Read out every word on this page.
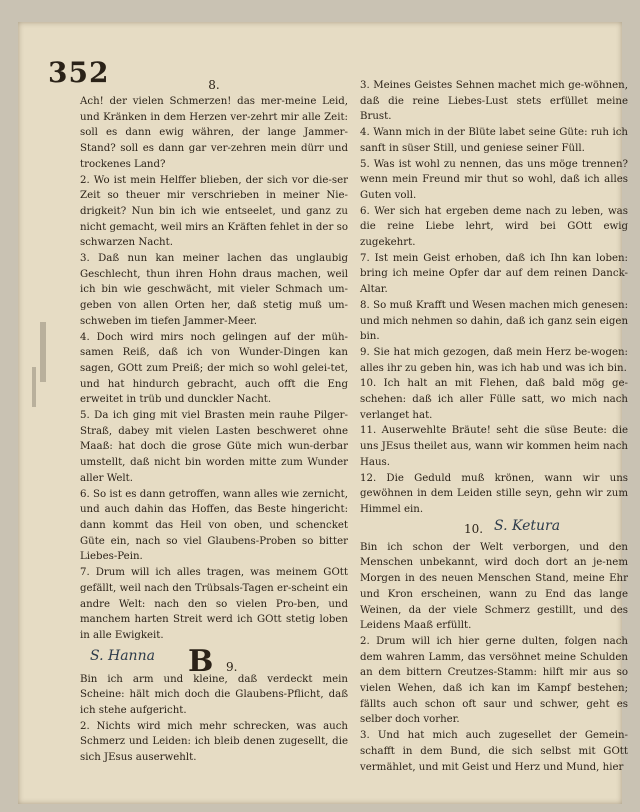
352	8.

Ach! der vielen Schmerzen! das mer-meine Leid, und Kränken in dem Herzen ver-zehrt mir alle Zeit: soll es dann ewig währen, der lange Jammer-Stand? soll es dann gar ver-zehren mein dürr und trockenes Land?

2. Wo ist mein Helffer blieben, der sich vor die-ser Zeit so theuer mir verschrieben in meiner Nie-drigkeit? Nun bin ich wie entseelet, und ganz zu nicht gemacht, weil mirs an Kräften fehlet in der so schwarzen Nacht.

3. Daß nun kan meiner lachen das unglaubig Geschlecht, thun ihren Hohn draus machen, weil ich bin wie geschwächt, mit vieler Schmach um-geben von allen Orten her, daß stetig muß um-schweben im tiefen Jammer-Meer.

4. Doch wird mirs noch gelingen auf der müh-samen Reiß, daß ich von Wunder-Dingen kan sagen, GOtt zum Preiß; der mich so wohl gelei-tet, und hat hindurch gebracht, auch offt die Eng erweitet in trüb und dunckler Nacht.

5. Da ich ging mit viel Brasten mein rauhe Pilger-Straß, dabey mit vielen Lasten beschweret ohne Maaß: hat doch die grose Güte mich wun-derbar umstellt, daß nicht bin worden mitte zum Wunder aller Welt.

6. So ist es dann getroffen, wann alles wie zernicht, und auch dahin das Hoffen, das Beste hingericht: dann kommt das Heil von oben, und schencket Güte ein, nach so viel Glaubens-Proben so bitter Liebes-Pein.

7. Drum will ich alles tragen, was meinem GOtt gefällt, weil nach den Trübsals-Tagen er-scheint ein andre Welt: nach den so vielen Pro-ben, und manchem harten Streit werd ich GOtt stetig loben in alle Ewigkeit.

S. Hanna B 9.

Bin ich arm und kleine, daß verdeckt mein Scheine: hält mich doch die Glaubens-Pflicht, daß ich stehe aufgericht.

2. Nichts wird mich mehr schrecken, was auch Schmerz und Leiden: ich bleib denen zugesellt, die sich JEsus auserwehlt.

3. Meines Geistes Sehnen machet mich ge-wöhnen, daß die reine Liebes-Lust stets erfüllet meine Brust.

4. Wann mich in der Blüte labet seine Güte: ruh ich sanft in süser Still, und geniese seiner Füll.

5. Was ist wohl zu nennen, das uns möge trennen? wenn mein Freund mir thut so wohl, daß ich alles Guten voll.

6. Wer sich hat ergeben deme nach zu leben, was die reine Liebe lehrt, wird bei GOtt ewig zugekehrt.

7. Ist mein Geist erhoben, daß ich Ihn kan loben: bring ich meine Opfer dar auf dem reinen Danck-Altar.

8. So muß Krafft und Wesen machen mich genesen: und mich nehmen so dahin, daß ich ganz sein eigen bin.

9. Sie hat mich gezogen, daß mein Herz be-wogen: alles ihr zu geben hin, was ich hab und was ich bin.

10. Ich halt an mit Flehen, daß bald mög ge-schehen: daß ich aller Fülle satt, wo mich nach verlanget hat.

11. Auserwehlte Bräute! seht die süse Beute: die uns JEsus theilet aus, wann wir kommen heim nach Haus.

12. Die Geduld muß krönen, wann wir uns gewöhnen in dem Leiden stille seyn, gehn wir zum Himmel ein.

10. S. Ketura

Bin ich schon der Welt verborgen, und den Menschen unbekannt, wird doch dort an je-nem Morgen in des neuen Menschen Stand, meine Ehr und Kron erscheinen, wann zu End das lange Weinen, da der viele Schmerz gestillt, und des Leidens Maaß erfüllt.

2. Drum will ich hier gerne dulten, folgen nach dem wahren Lamm, das versöhnet meine Schulden an dem bittern Creutzes-Stamm: hilft mir aus so vielen Wehen, daß ich kan im Kampf bestehen; fällts auch schon oft saur und schwer, geht es selber doch vorher.

3. Und hat mich auch zugesellet der Gemein-schafft in dem Bund, die sich selbst mit GOtt vermählet, und mit Geist und Herz und Mund, hier
